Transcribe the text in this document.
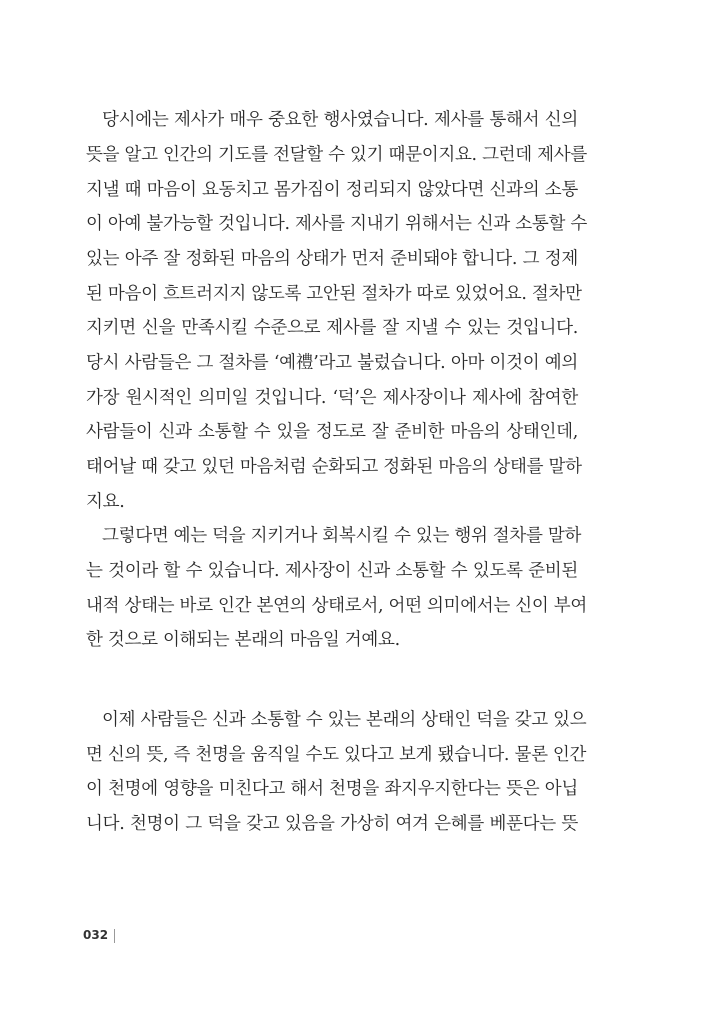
당시에는 제사가 매우 중요한 행사였습니다. 제사를 통해서 신의
뜻을 알고 인간의 기도를 전달할 수 있기 때문이지요. 그런데 제사를
지낼 때 마음이 요동치고 몸가짐이 정리되지 않았다면 신과의 소통
이 아예 불가능할 것입니다. 제사를 지내기 위해서는 신과 소통할 수
있는 아주 잘 정화된 마음의 상태가 먼저 준비돼야 합니다. 그 정제
된 마음이 흐트러지지 않도록 고안된 절차가 따로 있었어요. 절차만
지키면 신을 만족시킬 수준으로 제사를 잘 지낼 수 있는 것입니다.
당시 사람들은 그 절차를 ‘예禮’라고 불렀습니다. 아마 이것이 예의
가장 원시적인 의미일 것입니다. ‘덕’은 제사장이나 제사에 참여한
사람들이 신과 소통할 수 있을 정도로 잘 준비한 마음의 상태인데,
태어날 때 갖고 있던 마음처럼 순화되고 정화된 마음의 상태를 말하
지요.
그렇다면 예는 덕을 지키거나 회복시킬 수 있는 행위 절차를 말하
는 것이라 할 수 있습니다. 제사장이 신과 소통할 수 있도록 준비된
내적 상태는 바로 인간 본연의 상태로서, 어떤 의미에서는 신이 부여
한 것으로 이해되는 본래의 마음일 거예요.
이제 사람들은 신과 소통할 수 있는 본래의 상태인 덕을 갖고 있으
면 신의 뜻, 즉 천명을 움직일 수도 있다고 보게 됐습니다. 물론 인간
이 천명에 영향을 미친다고 해서 천명을 좌지우지한다는 뜻은 아닙
니다. 천명이 그 덕을 갖고 있음을 가상히 여겨 은혜를 베푼다는 뜻
032
